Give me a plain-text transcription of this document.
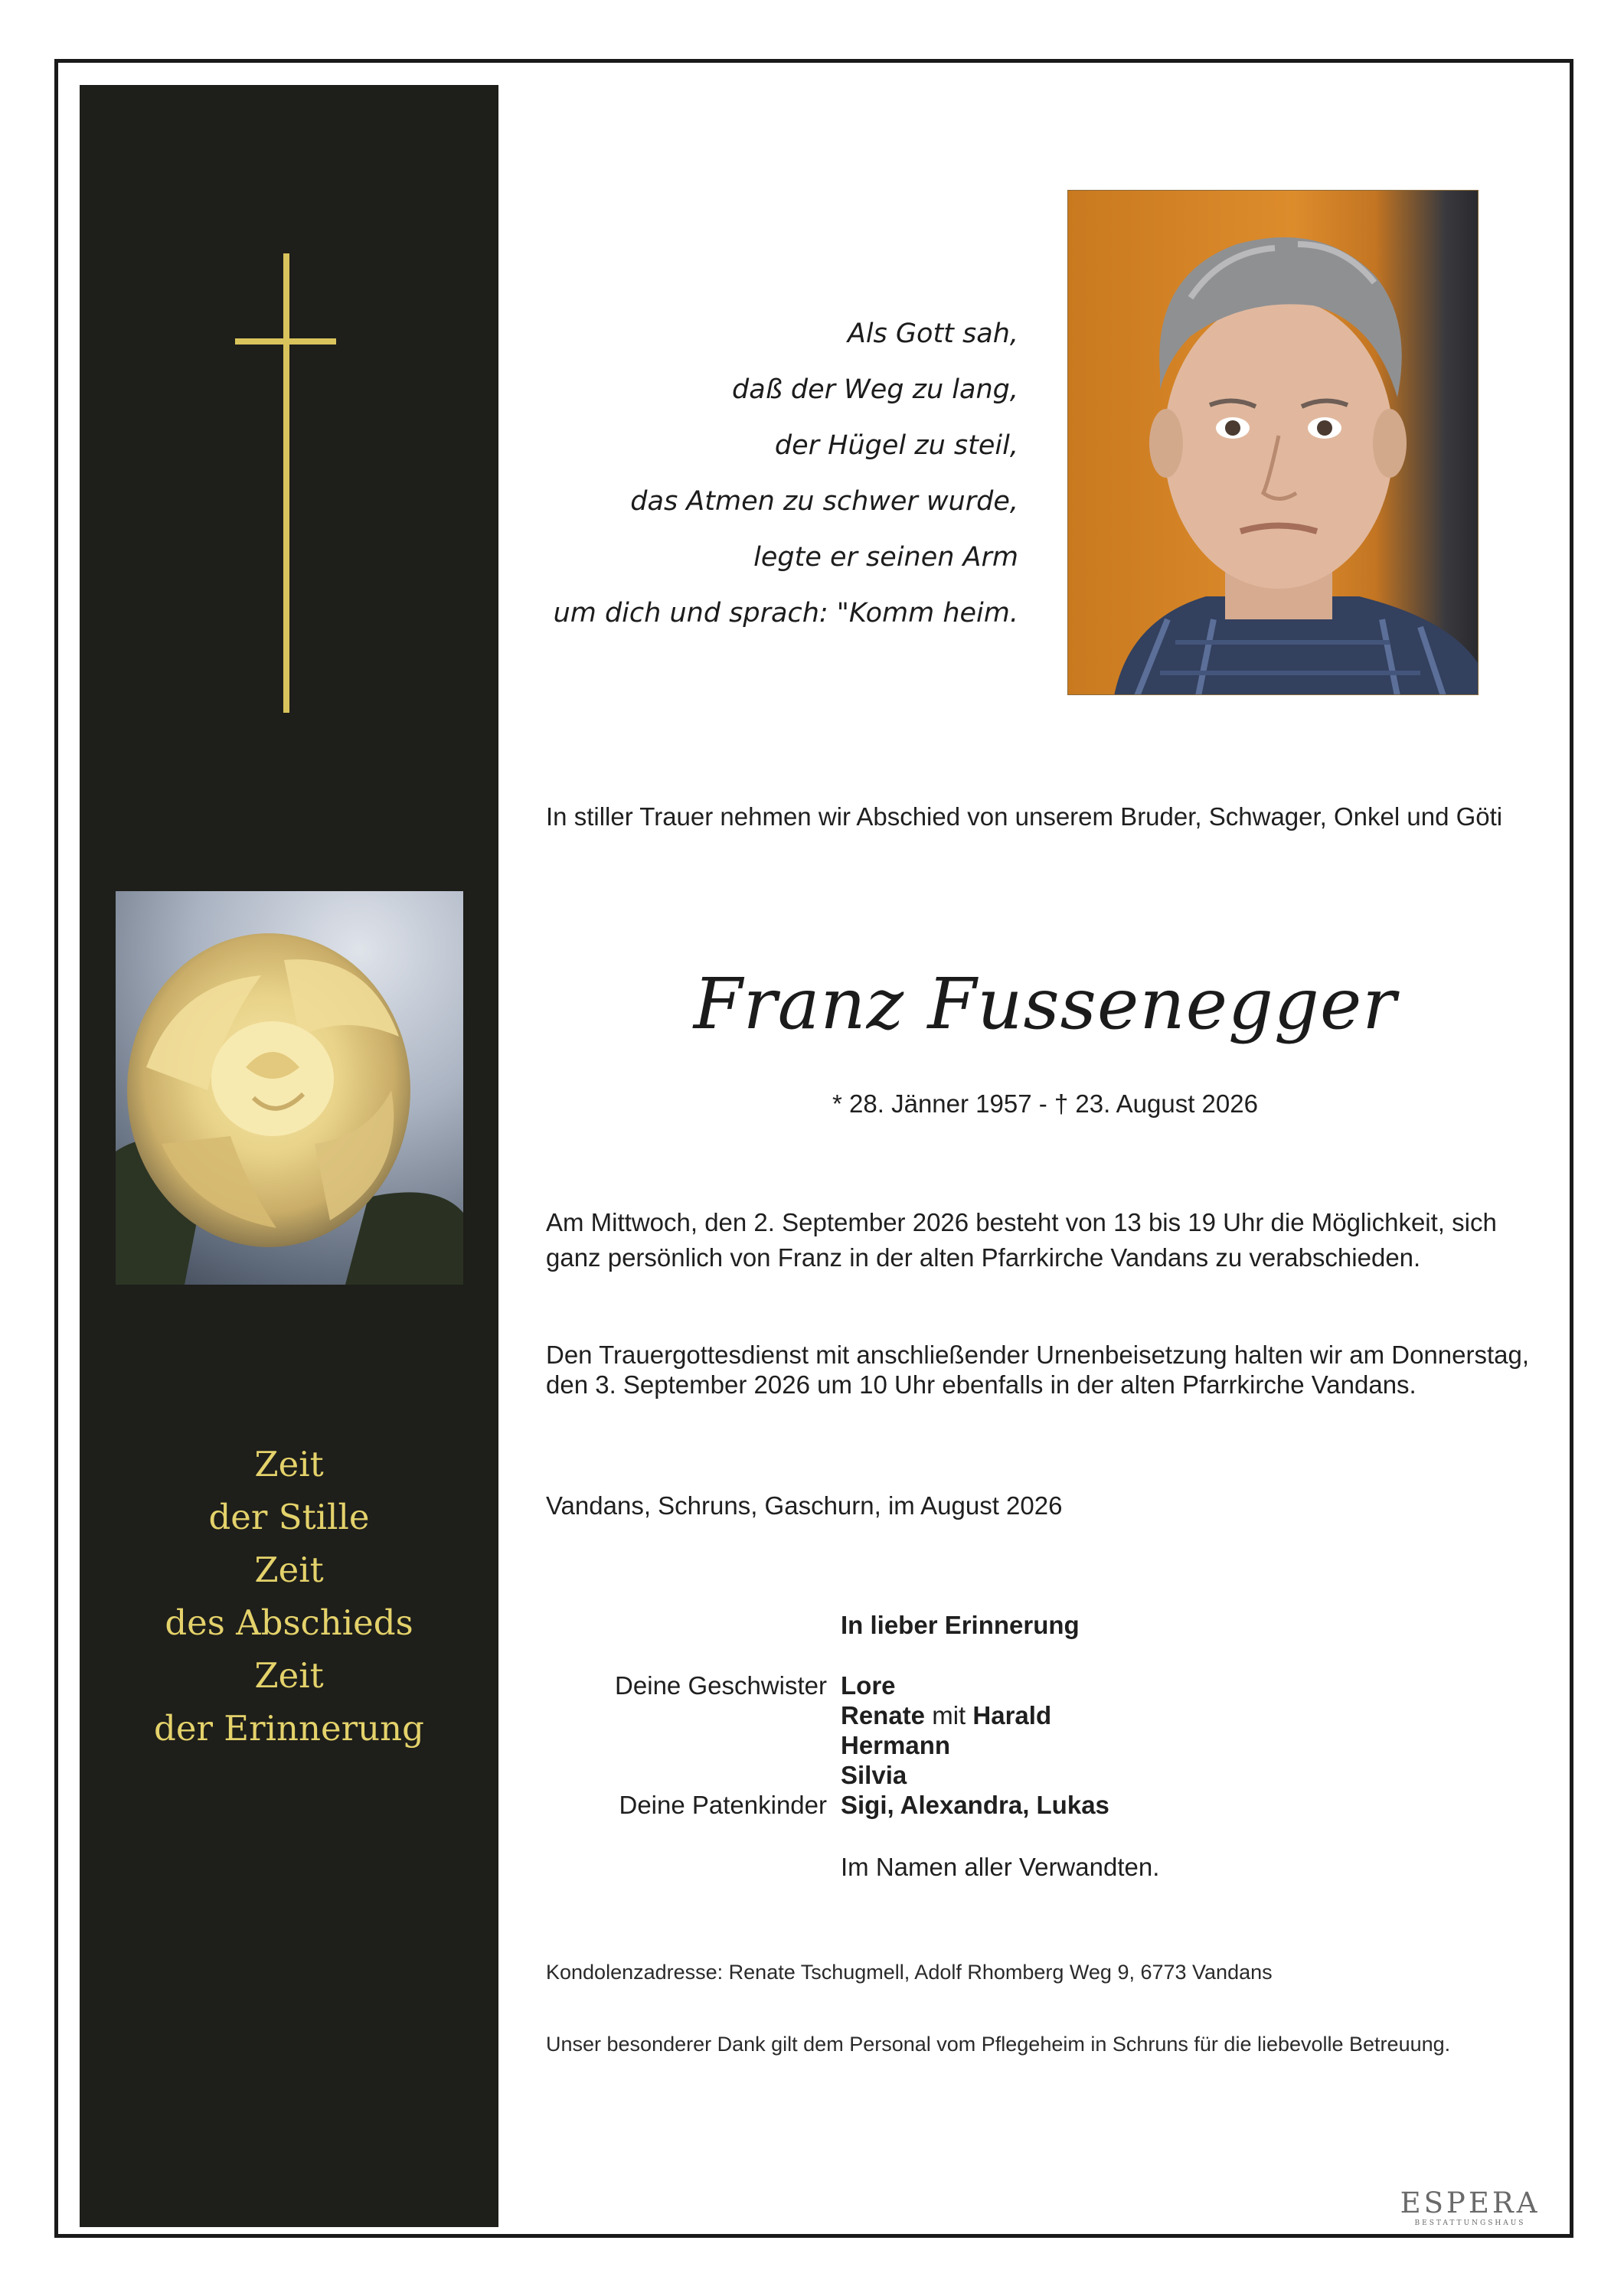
Zeit
der Stille
Zeit
des Abschieds
Zeit
der Erinnerung
Als Gott sah,
daß der Weg zu lang,
der Hügel zu steil,
das Atmen zu schwer wurde,
legte er seinen Arm
um dich und sprach: "Komm heim.
In stiller Trauer nehmen wir Abschied von unserem Bruder, Schwager, Onkel und Göti
Franz Fussenegger
* 28. Jänner 1957 - † 23. August 2026
Am Mittwoch, den 2. September 2026 besteht von 13 bis 19 Uhr die Möglichkeit, sich ganz persönlich von Franz in der alten Pfarrkirche Vandans zu verabschieden.
Den Trauergottesdienst mit anschließender Urnenbeisetzung halten wir am Donnerstag, den 3. September 2026 um 10 Uhr ebenfalls in der alten Pfarrkirche Vandans.
Vandans, Schruns, Gaschurn, im August 2026
In lieber Erinnerung
Deine Geschwister
Deine Patenkinder
Lore
Renate mit Harald
Hermann
Silvia
Sigi, Alexandra, Lukas
Im Namen aller Verwandten.
Kondolenzadresse: Renate Tschugmell, Adolf Rhomberg Weg 9, 6773 Vandans
Unser besonderer Dank gilt dem Personal vom Pflegeheim in Schruns für die liebevolle Betreuung.
ESPERA
BESTATTUNGSHAUS
